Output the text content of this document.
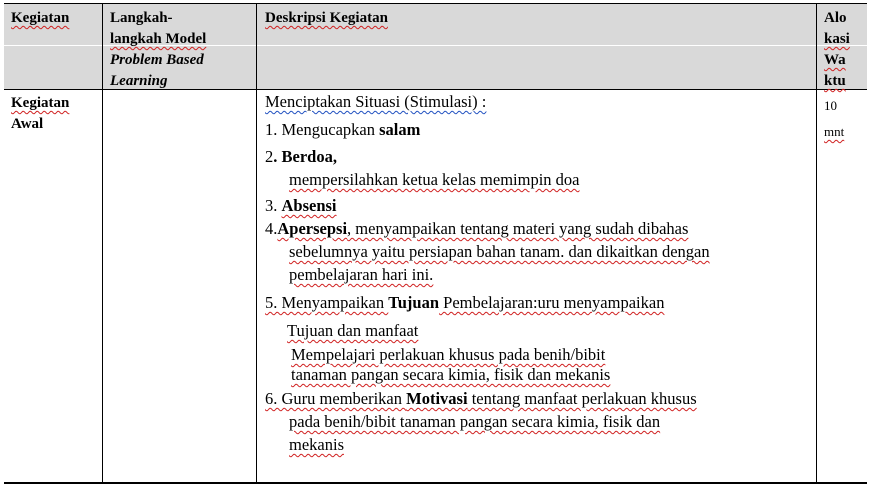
Kegiatan	Langkah-
langkah Model
Problem Based
Learning
Deskripsi Kegiatan	Alo
kasi
Wa
ktu
Kegiatan
Awal
10
mnt
Menciptakan Situasi (Stimulasi) :
1. Mengucapkan salam
2. Berdoa,
mempersilahkan ketua kelas memimpin doa
3. Absensi
4.Apersepsi, menyampaikan tentang materi yang sudah dibahas
sebelumnya yaitu persiapan bahan tanam. dan dikaitkan dengan
pembelajaran hari ini.
5. Menyampaikan Tujuan Pembelajaran:uru menyampaikan
Tujuan dan manfaat
Mempelajari perlakuan khusus pada benih/bibit
tanaman pangan secara kimia, fisik dan mekanis
6. Guru memberikan Motivasi tentang manfaat perlakuan khusus
pada benih/bibit tanaman pangan secara kimia, fisik dan
mekanis
